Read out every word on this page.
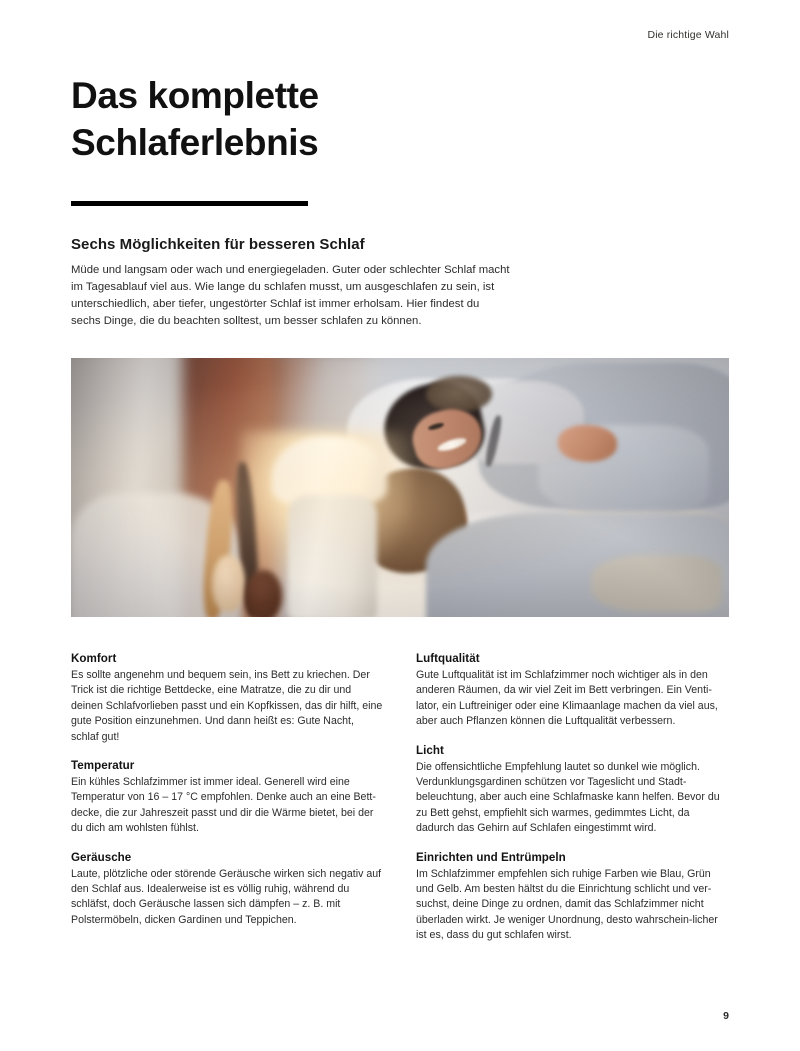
Die richtige Wahl
Das komplette Schlaferlebnis
Sechs Möglichkeiten für besseren Schlaf

Müde und langsam oder wach und energiegeladen. Guter oder schlechter Schlaf macht im Tagesablauf viel aus. Wie lange du schlafen musst, um ausgeschlafen zu sein, ist unterschiedlich, aber tiefer, ungestörter Schlaf ist immer erholsam. Hier findest du sechs Dinge, die du beachten solltest, um besser schlafen zu können.

Komfort

Es sollte angenehm und bequem sein, ins Bett zu kriechen. Der Trick ist die richtige Bettdecke, eine Matratze, die zu dir und deinen Schlafvorlieben passt und ein Kopfkissen, das dir hilft, eine gute Position einzunehmen. Und dann heißt es: Gute Nacht, schlaf gut!

Temperatur

Ein kühles Schlafzimmer ist immer ideal. Generell wird eine Temperatur von 16 – 17 °C empfohlen. Denke auch an eine Bett-decke, die zur Jahreszeit passt und dir die Wärme bietet, bei der du dich am wohlsten fühlst.

Geräusche

Laute, plötzliche oder störende Geräusche wirken sich negativ auf den Schlaf aus. Idealerweise ist es völlig ruhig, während du schläfst, doch Geräusche lassen sich dämpfen – z. B. mit Polstermöbeln, dicken Gardinen und Teppichen.

Luftqualität

Gute Luftqualität ist im Schlafzimmer noch wichtiger als in den anderen Räumen, da wir viel Zeit im Bett verbringen. Ein Venti-lator, ein Luftreiniger oder eine Klimaanlage machen da viel aus, aber auch Pflanzen können die Luftqualität verbessern.

Licht

Die offensichtliche Empfehlung lautet so dunkel wie möglich. Verdunklungsgardinen schützen vor Tageslicht und Stadt-beleuchtung, aber auch eine Schlafmaske kann helfen. Bevor du zu Bett gehst, empfiehlt sich warmes, gedimmtes Licht, da dadurch das Gehirn auf Schlafen eingestimmt wird.

Einrichten und Entrümpeln

Im Schlafzimmer empfehlen sich ruhige Farben wie Blau, Grün und Gelb. Am besten hältst du die Einrichtung schlicht und ver-suchst, deine Dinge zu ordnen, damit das Schlafzimmer nicht überladen wirkt. Je weniger Unordnung, desto wahrschein-licher ist es, dass du gut schlafen wirst.

9
